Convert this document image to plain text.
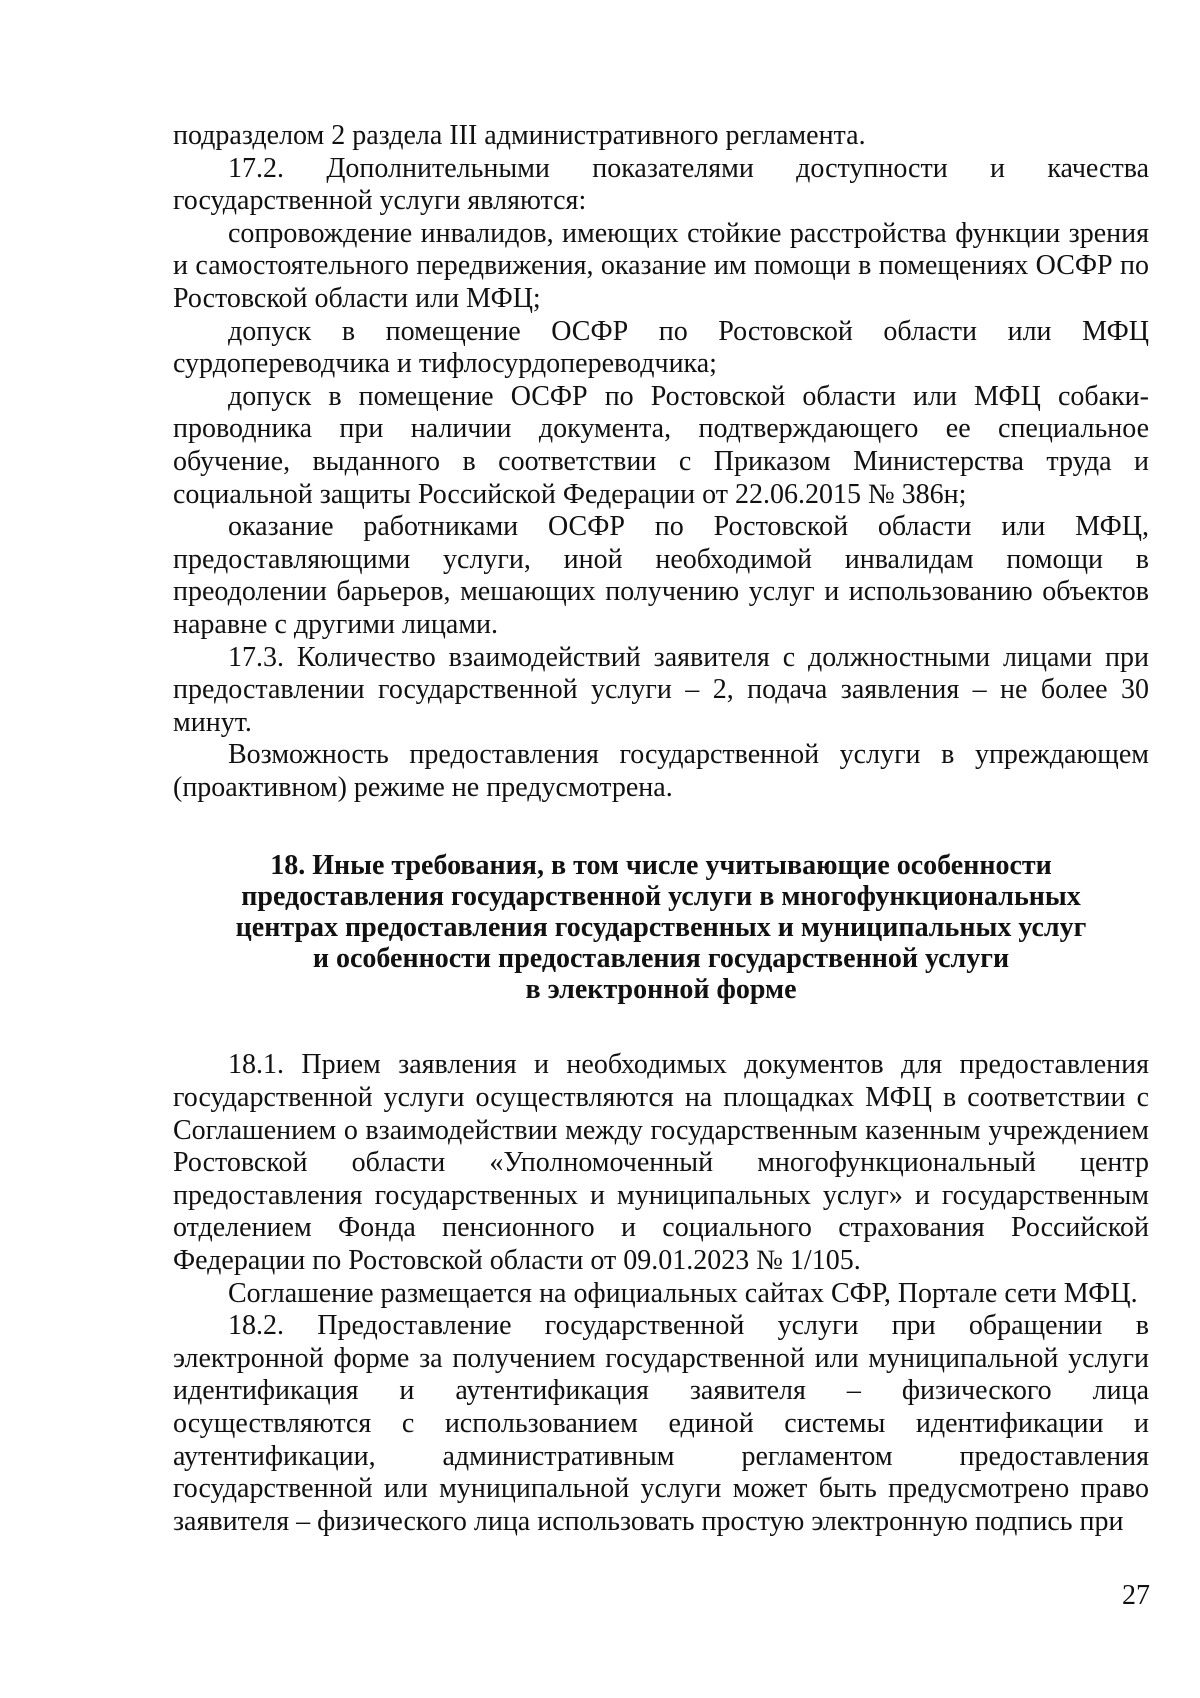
подразделом 2 раздела III административного регламента.

17.2. Дополнительными показателями доступности и качества государственной услуги являются:

сопровождение инвалидов, имеющих стойкие расстройства функции зрения и самостоятельного передвижения, оказание им помощи в помещениях ОСФР по Ростовской области или МФЦ;

допуск в помещение ОСФР по Ростовской области или МФЦ сурдопереводчика и тифлосурдопереводчика;

допуск в помещение ОСФР по Ростовской области или МФЦ собаки-проводника при наличии документа, подтверждающего ее специальное обучение, выданного в соответствии с Приказом Министерства труда и социальной защиты Российской Федерации от 22.06.2015 № 386н;

оказание работниками ОСФР по Ростовской области или МФЦ, предоставляющими услуги, иной необходимой инвалидам помощи в преодолении барьеров, мешающих получению услуг и использованию объектов наравне с другими лицами.

17.3. Количество взаимодействий заявителя с должностными лицами при предоставлении государственной услуги – 2, подача заявления – не более 30 минут.

Возможность предоставления государственной услуги в упреждающем (проактивном) режиме не предусмотрена.

18. Иные требования, в том числе учитывающие особенности
предоставления государственной услуги в многофункциональных
центрах предоставления государственных и муниципальных услуг
и особенности предоставления государственной услуги
в электронной форме

18.1. Прием заявления и необходимых документов для предоставления государственной услуги осуществляются на площадках МФЦ в соответствии с Соглашением о взаимодействии между государственным казенным учреждением Ростовской области «Уполномоченный многофункциональный центр предоставления государственных и муниципальных услуг» и государственным отделением Фонда пенсионного и социального страхования Российской Федерации по Ростовской области от 09.01.2023 № 1/105.

Соглашение размещается на официальных сайтах СФР, Портале сети МФЦ.

18.2. Предоставление государственной услуги при обращении в электронной форме за получением государственной или муниципальной услуги идентификация и аутентификация заявителя – физического лица осуществляются с использованием единой системы идентификации и аутентификации, административным регламентом предоставления государственной или муниципальной услуги может быть предусмотрено право заявителя – физического лица использовать простую электронную подпись при

27
